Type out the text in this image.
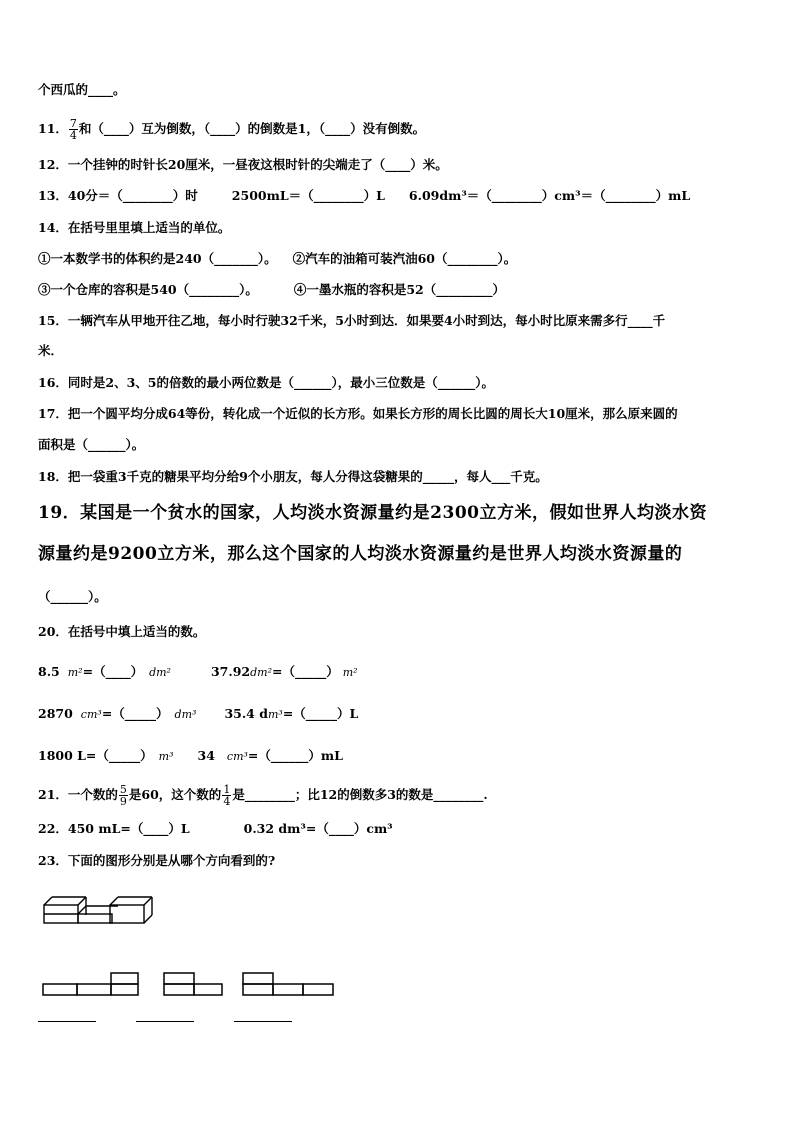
个西瓜的____。
11． $\frac{7}{4}$ 和（____）互为倒数，（____）的倒数是1，（____）没有倒数。
12．一个挂钟的时针长20厘米，一昼夜这根时针的尖端走了（____）米。
13．40分＝（________）时	2500mL＝（________）L 6.09dm³＝（________）cm³＝（________）mL
14．在括号里里填上适当的单位。
①一本数学书的体积约是240（_______）。 ②汽车的油箱可装汽油60（________）。
③一个仓库的容积是540（________）。	④一墨水瓶的容积是52（_________）
15．一辆汽车从甲地开往乙地，每小时行驶32千米，5小时到达．如果要4小时到达，每小时比原来需多行____千
米．
16．同时是2、3、5的倍数的最小两位数是（______），最小三位数是（______）。
17．把一个圆平均分成64等份，转化成一个近似的长方形。如果长方形的周长比圆的周长大10厘米，那么原来圆的
面积是（______）。
18．把一袋重3千克的糖果平均分给9个小朋友，每人分得这袋糖果的_____，每人___千克。
19．某国是一个贫水的国家，人均淡水资源量约是2300立方米，假如世界人均淡水资
源量约是9200立方米，那么这个国家的人均淡水资源量约是世界人均淡水资源量的
（______）。
20．在括号中填上适当的数。
8.5 m²=（____） dm²	37.92dm²=（_____） m²
2870 cm³=（_____） dm³ 35.4 dm³=（_____）L
1800 L=（_____） m³ 34 cm³=（______）mL
21．一个数的 $\frac{5}{9}$ 是60，这个数的 $\frac{1}{4}$ 是________；比12的倒数多3的数是________.
22．450 mL=（____）L	0.32 dm³=（____）cm³
23．下面的图形分别是从哪个方向看到的?
